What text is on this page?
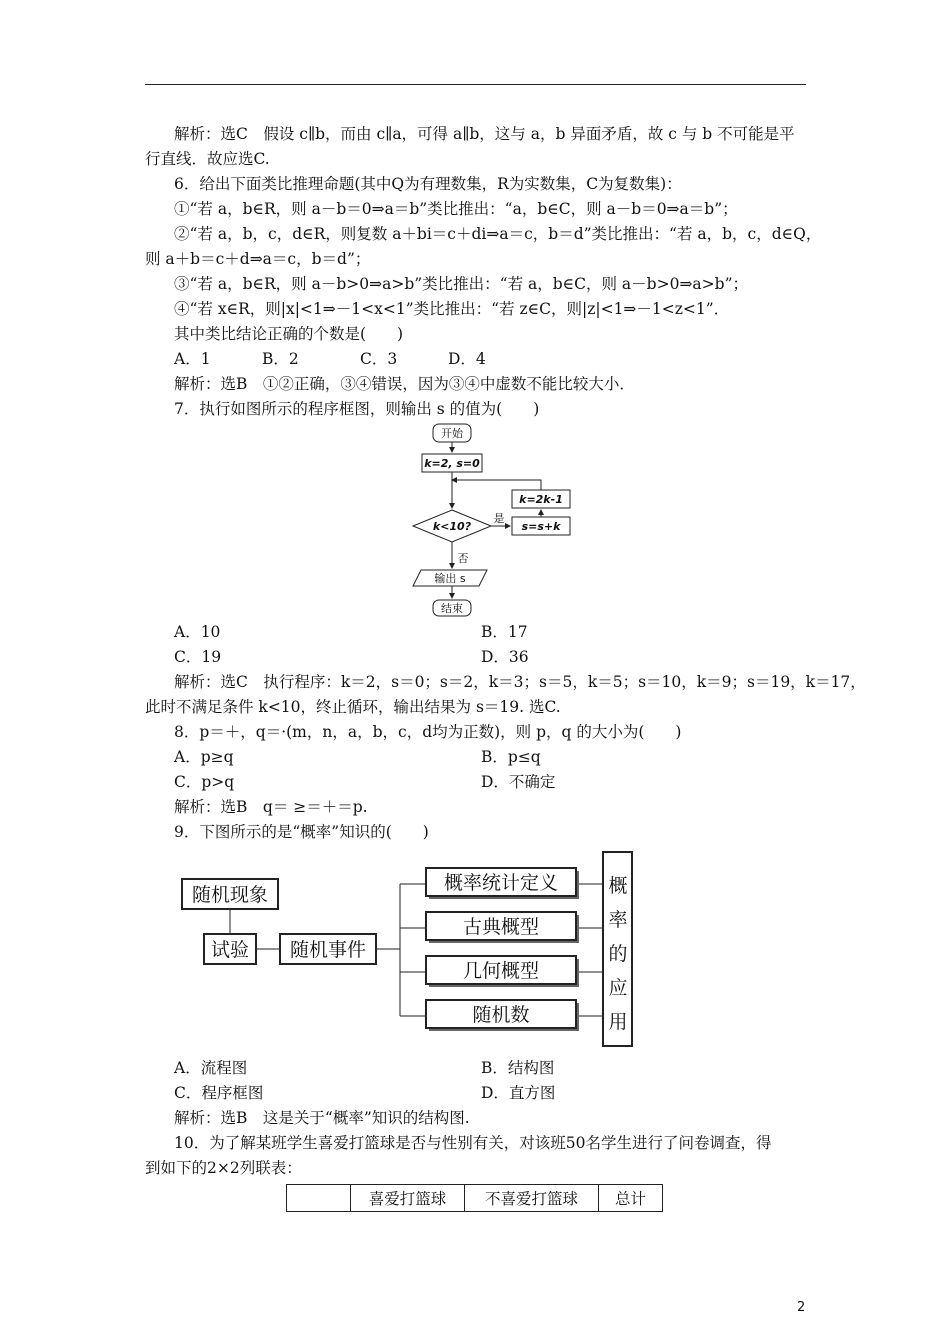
解析：选C　假设 c∥b，而由 c∥a，可得 a∥b，这与 a，b 异面矛盾，故 c 与 b 不可能是平
行直线．故应选C.
6．给出下面类比推理命题(其中Q为有理数集，R为实数集，C为复数集)：
①“若 a，b∈R，则 a－b＝0⇒a＝b”类比推出：“a，b∈C，则 a－b＝0⇒a＝b”；
②“若 a，b，c，d∈R，则复数 a＋bi＝c＋di⇒a＝c，b＝d”类比推出：“若 a，b，c，d∈Q，
则 a＋b＝c＋d⇒a＝c，b＝d”；
③“若 a，b∈R，则 a－b>0⇒a>b”类比推出：“若 a，b∈C，则 a－b>0⇒a>b”；
④“若 x∈R，则|x|<1⇒－1<x<1”类比推出：“若 z∈C，则|z|<1⇒－1<z<1”．
其中类比结论正确的个数是(　　)
A．1	B．2	C．3	D．4
解析：选B　①②正确，③④错误，因为③④中虚数不能比较大小．
7．执行如图所示的程序框图，则输出 s 的值为(　　)
开始
k=2, s=0
k<10?
是
否
s=s+k
k=2k-1
输出 s
结束
A．10	B．17
C．19	D．36
解析：选C　执行程序：k＝2，s＝0；s＝2，k＝3；s＝5，k＝5；s＝10，k＝9；s＝19，k＝17，
此时不满足条件 k<10，终止循环，输出结果为 s＝19. 选C.
8．p＝＋，q＝·(m，n，a，b，c，d均为正数)，则 p，q 的大小为(　　)
A．p≥q	B．p≤q
C．p>q	D．不确定
解析：选B　q＝ ≥＝＋＝p.
9．下图所示的是“概率”知识的(　　)
随机现象
试验 随机事件
概率统计定义
古典概型
几何概型
随机数
概
率
的
应
用
A．流程图	B．结构图
C．程序框图	D．直方图
解析：选B　这是关于“概率”知识的结构图.
10．为了解某班学生喜爱打篮球是否与性别有关，对该班50名学生进行了问卷调查，得
到如下的2×2列联表：
	喜爱打篮球	不喜爱打篮球	总计
2
